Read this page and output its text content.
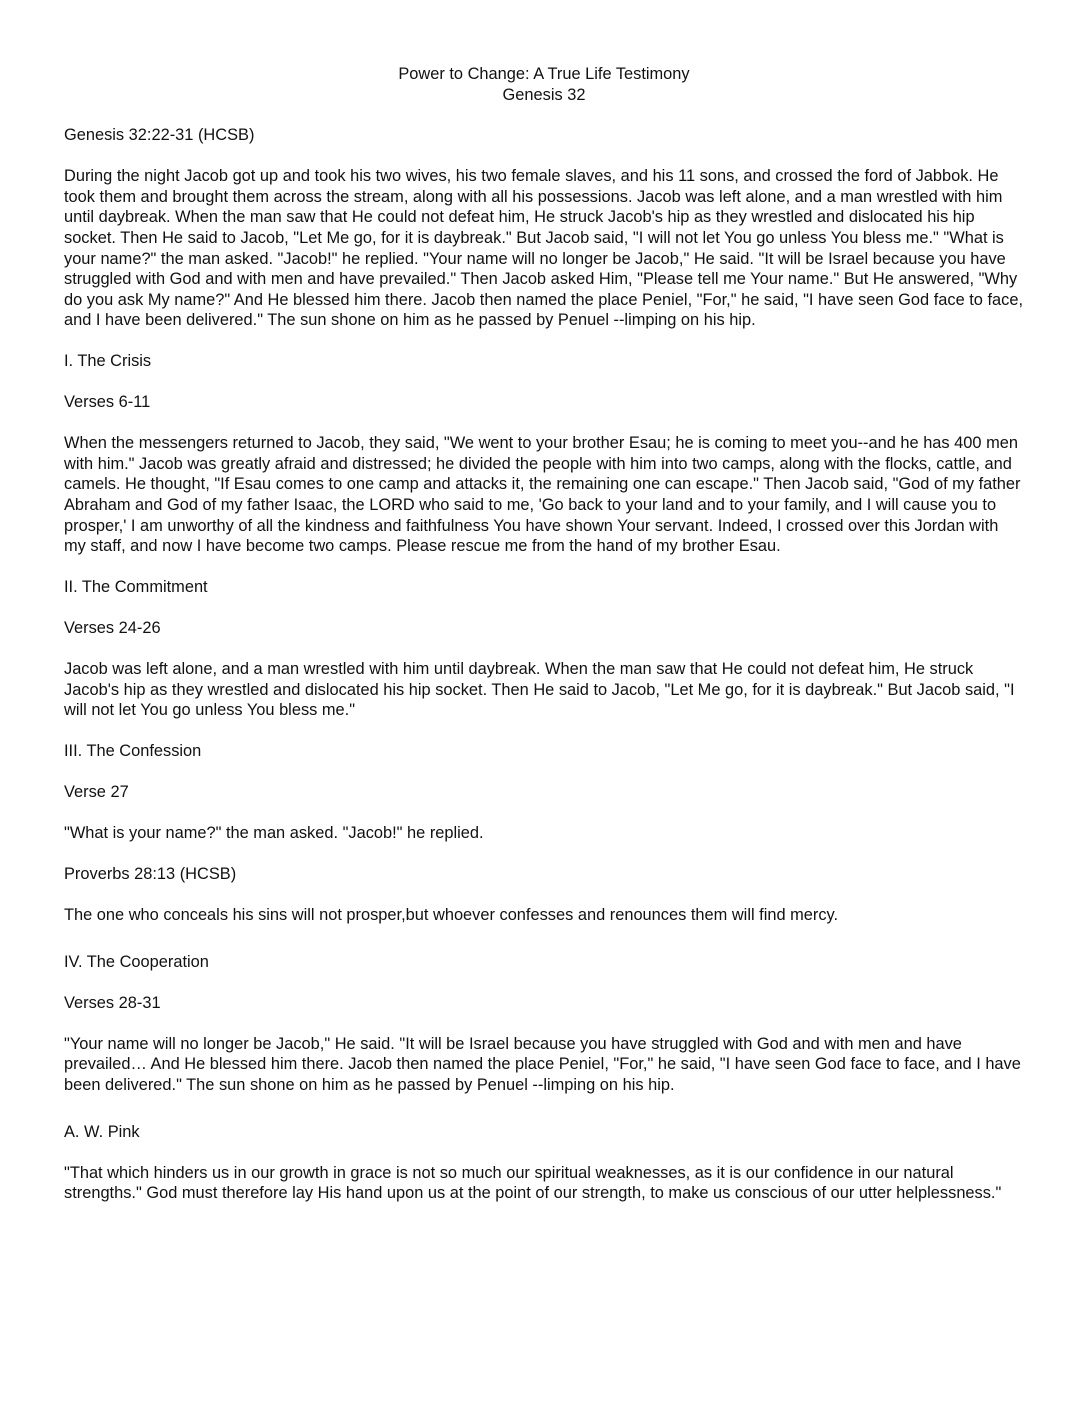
Power to Change: A True Life Testimony
Genesis 32

Genesis 32:22-31 (HCSB)

During the night Jacob got up and took his two wives, his two female slaves, and his 11 sons, and crossed the ford of Jabbok. He took them and brought them across the stream, along with all his possessions. Jacob was left alone, and a man wrestled with him until daybreak. When the man saw that He could not defeat him, He struck Jacob's hip as they wrestled and dislocated his hip socket. Then He said to Jacob, "Let Me go, for it is daybreak." But Jacob said, "I will not let You go unless You bless me." "What is your name?" the man asked. "Jacob!" he replied. "Your name will no longer be Jacob," He said. "It will be Israel because you have struggled with God and with men and have prevailed." Then Jacob asked Him, "Please tell me Your name." But He answered, "Why do you ask My name?" And He blessed him there. Jacob then named the place Peniel, "For," he said, "I have seen God face to face, and I have been delivered." The sun shone on him as he passed by Penuel --limping on his hip.

I. The Crisis

Verses 6-11

When the messengers returned to Jacob, they said, "We went to your brother Esau; he is coming to meet you--and he has 400 men with him." Jacob was greatly afraid and distressed; he divided the people with him into two camps, along with the flocks, cattle, and camels. He thought, "If Esau comes to one camp and attacks it, the remaining one can escape." Then Jacob said, "God of my father Abraham and God of my father Isaac, the LORD who said to me, 'Go back to your land and to your family, and I will cause you to prosper,' I am unworthy of all the kindness and faithfulness You have shown Your servant. Indeed, I crossed over this Jordan with my staff, and now I have become two camps. Please rescue me from the hand of my brother Esau.

II. The Commitment

Verses 24-26

Jacob was left alone, and a man wrestled with him until daybreak. When the man saw that He could not defeat him, He struck Jacob's hip as they wrestled and dislocated his hip socket. Then He said to Jacob, "Let Me go, for it is daybreak." But Jacob said, "I will not let You go unless You bless me."

III. The Confession

Verse 27

"What is your name?" the man asked. "Jacob!" he replied.

Proverbs 28:13 (HCSB)

The one who conceals his sins will not prosper,but whoever confesses and renounces them will find mercy.

IV. The Cooperation

Verses 28-31

"Your name will no longer be Jacob," He said. "It will be Israel because you have struggled with God and with men and have prevailed… And He blessed him there. Jacob then named the place Peniel, "For," he said, "I have seen God face to face, and I have been delivered." The sun shone on him as he passed by Penuel --limping on his hip.

A. W. Pink

"That which hinders us in our growth in grace is not so much our spiritual weaknesses, as it is our confidence in our natural strengths." God must therefore lay His hand upon us at the point of our strength, to make us conscious of our utter helplessness."
